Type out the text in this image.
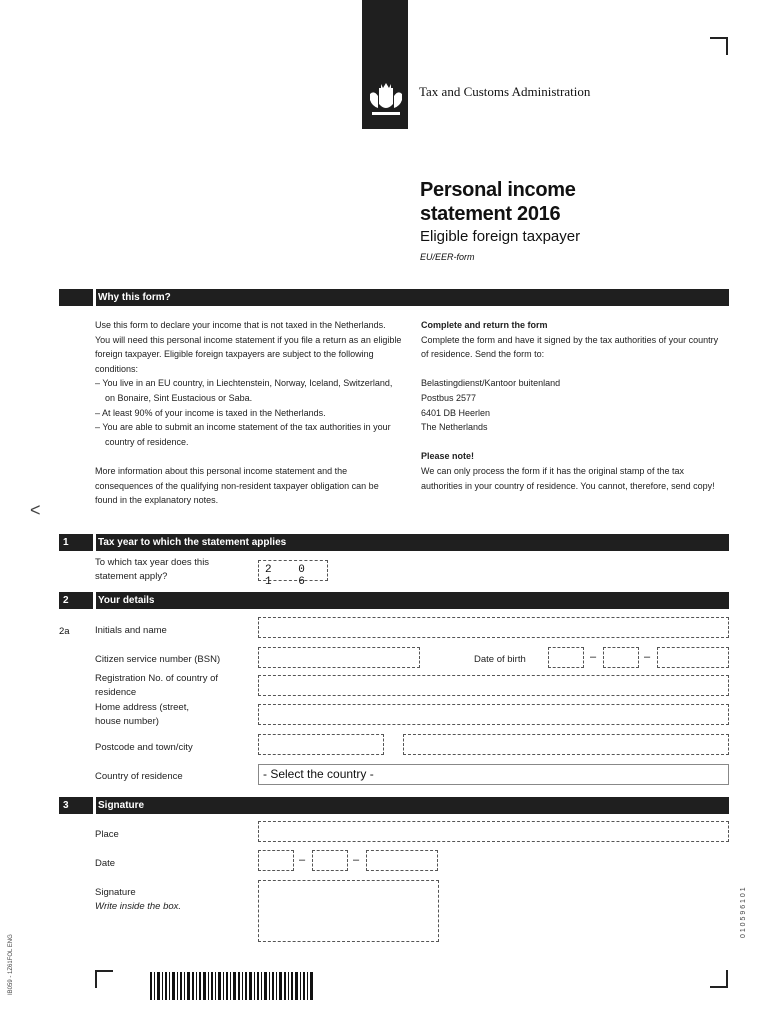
Tax and Customs Administration
Personal income
statement 2016
Eligible foreign taxpayer
EU/EER-form
Why this form?
Use this form to declare your income that is not taxed in the Netherlands. You will need this personal income statement if you file a return as an eligible foreign taxpayer. Eligible foreign taxpayers are subject to the following conditions:
– You live in an EU country, in Liechtenstein, Norway, Iceland, Switzerland, on Bonaire, Sint Eustacious or Saba.
– At least 90% of your income is taxed in the Netherlands.
– You are able to submit an income statement of the tax authorities in your country of residence.
More information about this personal income statement and the consequences of the qualifying non-resident taxpayer obligation can be found in the explanatory notes.
Complete and return the form

Complete the form and have it signed by the tax authorities of your country of residence. Send the form to:

Belastingdienst/Kantoor buitenland
Postbus 2577
6401 DB Heerlen

The Netherlands

Please note!
We can only process the form if it has the original stamp of the tax authorities in your country of residence. You cannot, therefore, send copy!
<
1	Tax year to which the statement applies
To which tax year does this statement apply?
2 0 1 6
2	Your details
2a	Initials and name
Citizen service number (BSN)	Date of birth	–	–
Registration No. of country of residence
Home address (street, house number)
Postcode and town/city
Country of residence	- Select the country -
3	Signature
Place
Date	–	–
Signature
Write inside the box.
IB059 - 1Z61FOL ENG
0 1 0 5 9 6 1 0 1
